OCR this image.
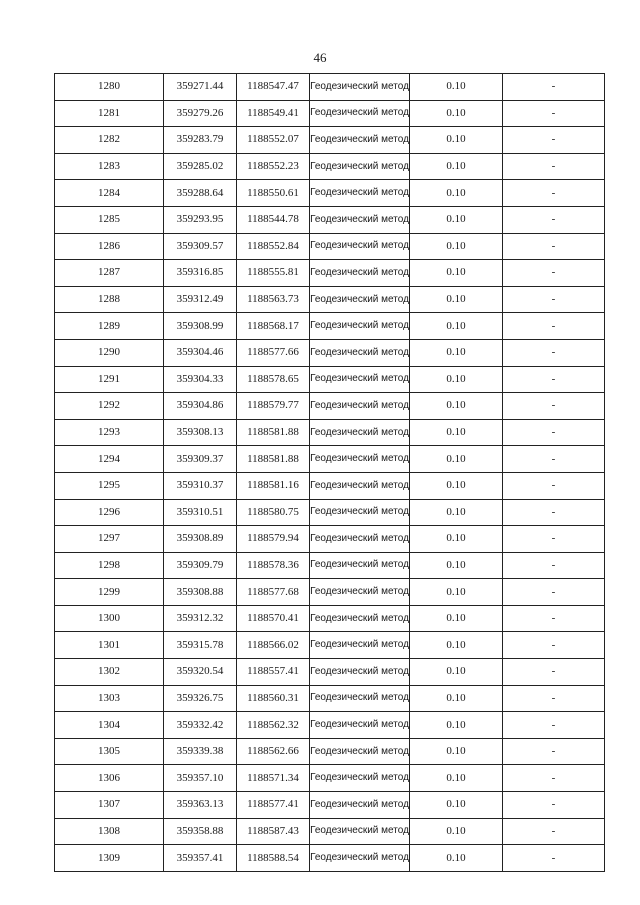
46
1280	359271.44	1188547.47	Геодезический метод	0.10	-
1281	359279.26	1188549.41	Геодезический метод	0.10	-
1282	359283.79	1188552.07	Геодезический метод	0.10	-
1283	359285.02	1188552.23	Геодезический метод	0.10	-
1284	359288.64	1188550.61	Геодезический метод	0.10	-
1285	359293.95	1188544.78	Геодезический метод	0.10	-
1286	359309.57	1188552.84	Геодезический метод	0.10	-
1287	359316.85	1188555.81	Геодезический метод	0.10	-
1288	359312.49	1188563.73	Геодезический метод	0.10	-
1289	359308.99	1188568.17	Геодезический метод	0.10	-
1290	359304.46	1188577.66	Геодезический метод	0.10	-
1291	359304.33	1188578.65	Геодезический метод	0.10	-
1292	359304.86	1188579.77	Геодезический метод	0.10	-
1293	359308.13	1188581.88	Геодезический метод	0.10	-
1294	359309.37	1188581.88	Геодезический метод	0.10	-
1295	359310.37	1188581.16	Геодезический метод	0.10	-
1296	359310.51	1188580.75	Геодезический метод	0.10	-
1297	359308.89	1188579.94	Геодезический метод	0.10	-
1298	359309.79	1188578.36	Геодезический метод	0.10	-
1299	359308.88	1188577.68	Геодезический метод	0.10	-
1300	359312.32	1188570.41	Геодезический метод	0.10	-
1301	359315.78	1188566.02	Геодезический метод	0.10	-
1302	359320.54	1188557.41	Геодезический метод	0.10	-
1303	359326.75	1188560.31	Геодезический метод	0.10	-
1304	359332.42	1188562.32	Геодезический метод	0.10	-
1305	359339.38	1188562.66	Геодезический метод	0.10	-
1306	359357.10	1188571.34	Геодезический метод	0.10	-
1307	359363.13	1188577.41	Геодезический метод	0.10	-
1308	359358.88	1188587.43	Геодезический метод	0.10	-
1309	359357.41	1188588.54	Геодезический метод	0.10	-
